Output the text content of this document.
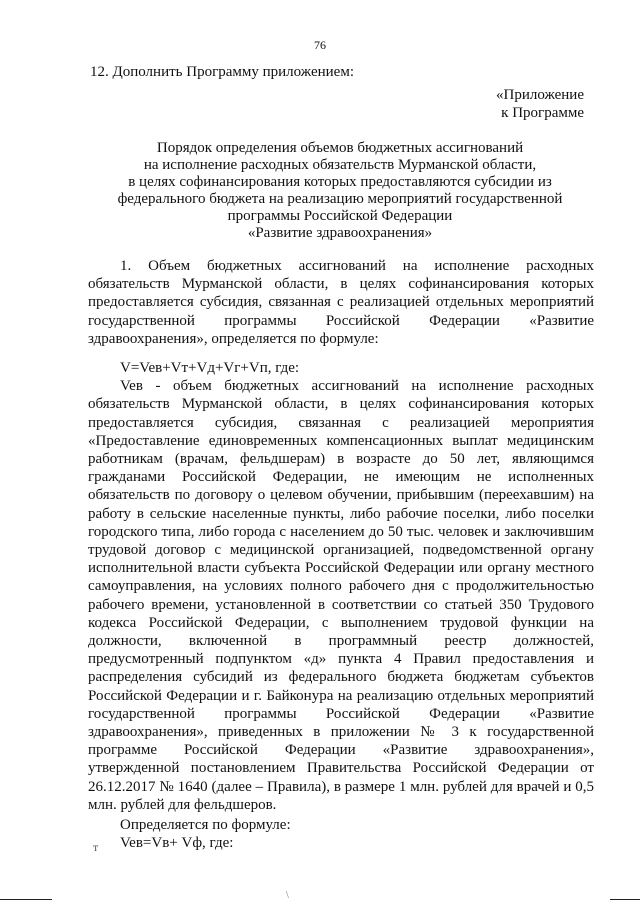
76
12. Дополнить Программу приложением:
«Приложение
к Программе
Порядок определения объемов бюджетных ассигнований
на исполнение расходных обязательств Мурманской области,
в целях софинансирования которых предоставляются субсидии из
федерального бюджета на реализацию мероприятий государственной
программы Российской Федерации
«Развитие здравоохранения»

1. Объем бюджетных ассигнований на исполнение расходных обязательств Мурманской области, в целях софинансирования которых предоставляется субсидия, связанная с реализацией отдельных мероприятий государственной программы Российской Федерации «Развитие здравоохранения», определяется по формуле:

V=Veв+Vт+Vд+Vг+Vп, где:

Veв - объем бюджетных ассигнований на исполнение расходных обязательств Мурманской области, в целях софинансирования которых предоставляется субсидия, связанная с реализацией мероприятия «Предоставление единовременных компенсационных выплат медицинским работникам (врачам, фельдшерам) в возрасте до 50 лет, являющимся гражданами Российской Федерации, не имеющим не исполненных обязательств по договору о целевом обучении, прибывшим (переехавшим) на работу в сельские населенные пункты, либо рабочие поселки, либо поселки городского типа, либо города с населением до 50 тыс. человек и заключившим трудовой договор с медицинской организацией, подведомственной органу исполнительной власти субъекта Российской Федерации или органу местного самоуправления, на условиях полного рабочего дня с продолжительностью рабочего времени, установленной в соответствии со статьей 350 Трудового кодекса Российской Федерации, с выполнением трудовой функции на должности, включенной в программный реестр должностей, предусмотренный подпунктом «д» пункта 4 Правил предоставления и распределения субсидий из федерального бюджета бюджетам субъектов Российской Федерации и г. Байконура на реализацию отдельных мероприятий государственной программы Российской Федерации «Развитие здравоохранения», приведенных в приложении № 3 к государственной программе Российской Федерации «Развитие здравоохранения», утвержденной постановлением Правительства Российской Федерации от 26.12.2017 № 1640 (далее – Правила), в размере 1 млн. рублей для врачей и 0,5 млн. рублей для фельдшеров.

Определяется по формуле:

Veв=Vв+ Vф, где:

т
\
